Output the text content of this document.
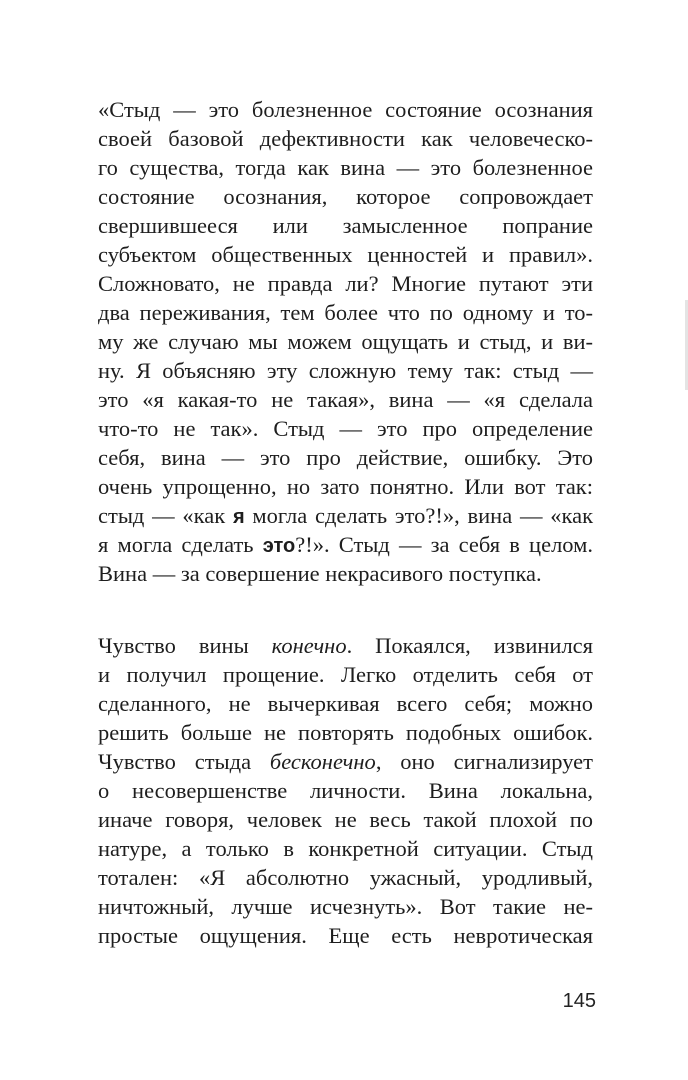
«Стыд — это болезненное состояние осознания
своей базовой дефективности как человеческо-
го существа, тогда как вина — это болезненное
состояние осознания, которое сопровождает
свершившееся или замысленное попрание
субъектом общественных ценностей и правил».
Сложновато, не правда ли? Многие путают эти
два переживания, тем более что по одному и то-
му же случаю мы можем ощущать и стыд, и ви-
ну. Я объясняю эту сложную тему так: стыд —
это «я какая-то не такая», вина — «я сделала
что-то не так». Стыд — это про определение
себя, вина — это про действие, ошибку. Это
очень упрощенно, но зато понятно. Или вот так:
стыд — «как я могла сделать это?!», вина — «как
я могла сделать это?!». Стыд — за себя в целом.
Вина — за совершение некрасивого поступка.
Чувство вины конечно. Покаялся, извинился
и получил прощение. Легко отделить себя от
сделанного, не вычеркивая всего себя; можно
решить больше не повторять подобных ошибок.
Чувство стыда бесконечно, оно сигнализирует
о несовершенстве личности. Вина локальна,
иначе говоря, человек не весь такой плохой по
натуре, а только в конкретной ситуации. Стыд
тотален: «Я абсолютно ужасный, уродливый,
ничтожный, лучше исчезнуть». Вот такие не-
простые ощущения. Еще есть невротическая
145
